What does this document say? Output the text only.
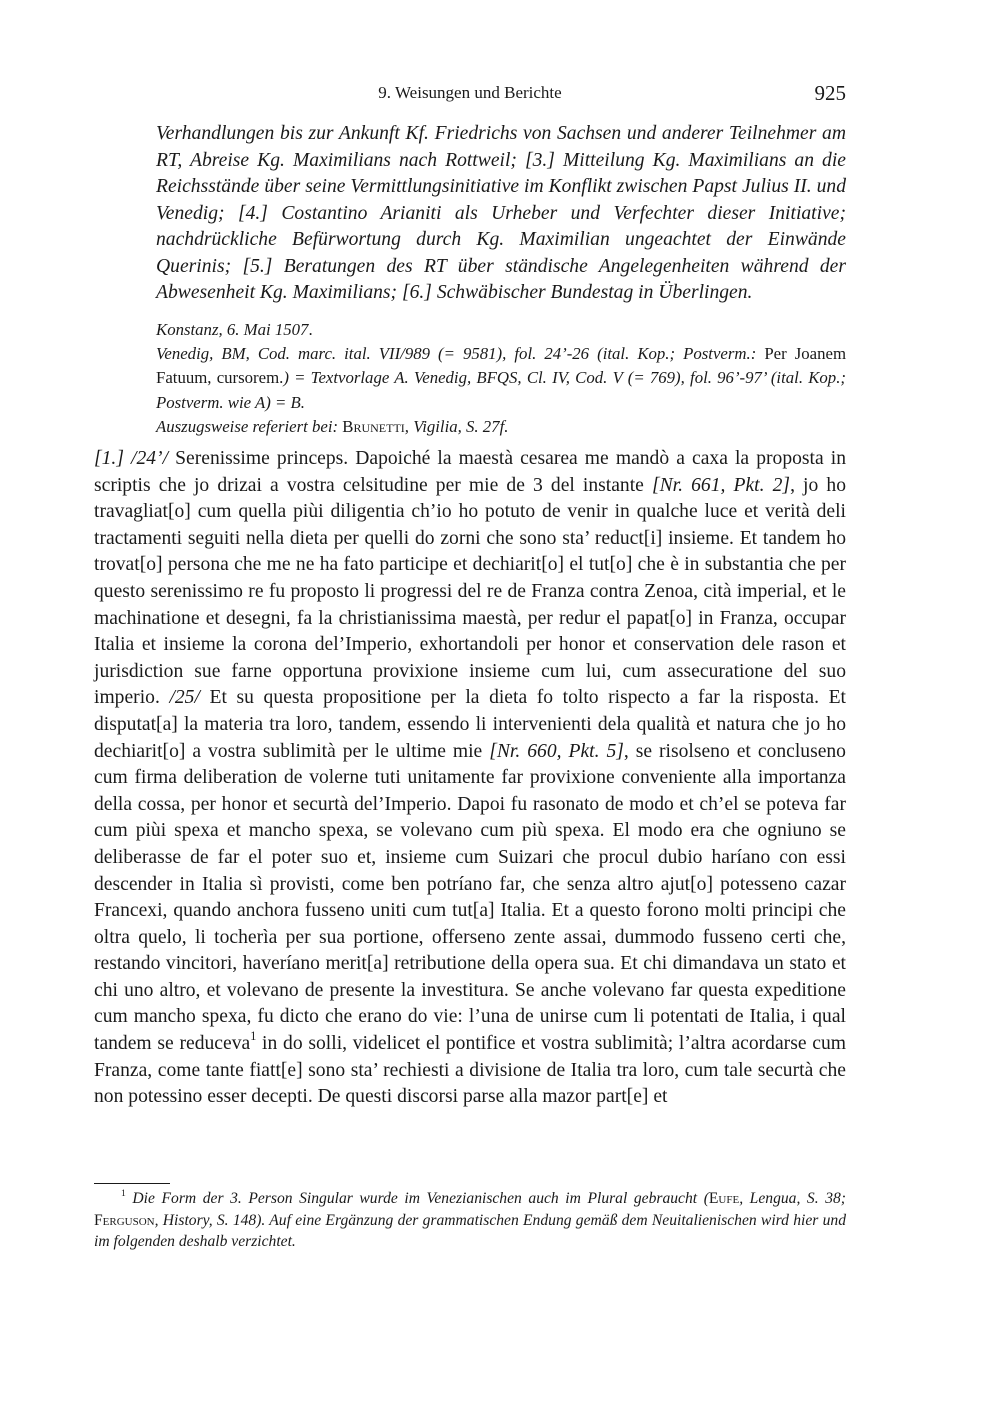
9. Weisungen und Berichte	925

Verhandlungen bis zur Ankunft Kf. Friedrichs von Sachsen und anderer Teilnehmer am RT, Abreise Kg. Maximilians nach Rottweil; [3.] Mitteilung Kg. Maximilians an die Reichsstände über seine Vermittlungsinitiative im Konflikt zwischen Papst Julius II. und Venedig; [4.] Costantino Arianiti als Urheber und Verfechter dieser Initiative; nachdrückliche Befürwortung durch Kg. Maximilian ungeachtet der Einwände Querinis; [5.] Beratungen des RT über ständische Angelegenheiten während der Abwesenheit Kg. Maximilians; [6.] Schwäbischer Bundestag in Überlingen.

Konstanz, 6. Mai 1507.

Venedig, BM, Cod. marc. ital. VII/989 (= 9581), fol. 24’-26 (ital. Kop.; Postverm.: Per Joanem Fatuum, cursorem.) = Textvorlage A. Venedig, BFQS, Cl. IV, Cod. V (= 769), fol. 96’-97’ (ital. Kop.; Postverm. wie A) = B.

Auszugsweise referiert bei: Brunetti, Vigilia, S. 27f.

[1.] /24’/ Serenissime princeps. Dapoiché la maestà cesarea me mandò a caxa la proposta in scriptis che jo drizai a vostra celsitudine per mie de 3 del instante [Nr. 661, Pkt. 2], jo ho travagliat[o] cum quella piùi diligentia ch’io ho potuto de venir in qualche luce et verità deli tractamenti seguiti nella dieta per quelli do zorni che sono sta’ reduct[i] insieme. Et tandem ho trovat[o] persona che me ne ha fato participe et dechiarit[o] el tut[o] che è in substantia che per questo serenissimo re fu proposto li progressi del re de Franza contra Zenoa, cità imperial, et le machinatione et desegni, fa la christianissima maestà, per redur el papat[o] in Franza, occupar Italia et insieme la corona del’Imperio, exhortandoli per honor et conservation dele rason et jurisdiction sue farne opportuna provixione insieme cum lui, cum assecuratione del suo imperio. /25/ Et su questa propositione per la dieta fo tolto rispecto a far la risposta. Et disputat[a] la materia tra loro, tandem, essendo li intervenienti dela qualità et natura che jo ho dechiarit[o] a vostra sublimità per le ultime mie [Nr. 660, Pkt. 5], se risolseno et concluseno cum firma deliberation de volerne tuti unitamente far provixione conveniente alla importanza della cossa, per honor et securtà del’Imperio. Dapoi fu rasonato de modo et ch’el se poteva far cum piùi spexa et mancho spexa, se volevano cum più spexa. El modo era che ogniuno se deliberasse de far el poter suo et, insieme cum Suizari che procul dubio haríano con essi descender in Italia sì provisti, come ben potríano far, che senza altro ajut[o] potesseno cazar Francexi, quando anchora fusseno uniti cum tut[a] Italia. Et a questo forono molti principi che oltra quelo, li tocherìa per sua portione, offerseno zente assai, dummodo fusseno certi che, restando vincitori, haveríano merit[a] retributione della opera sua. Et chi dimandava un stato et chi uno altro, et volevano de presente la investitura. Se anche volevano far questa expeditione cum mancho spexa, fu dicto che erano do vie: l’una de unirse cum li potentati de Italia, i qual tandem se reduceva$^1$ in do solli, videlicet el pontifice et vostra sublimità; l’altra acordarse cum Franza, come tante fiatt[e] sono sta’ rechiesti a divisione de Italia tra loro, cum tale securtà che non potessino esser decepti. De questi discorsi parse alla mazor part[e] et

$^1$ Die Form der 3. Person Singular wurde im Venezianischen auch im Plural gebraucht (Eufe, Lengua, S. 38; Ferguson, History, S. 148). Auf eine Ergänzung der grammatischen Endung gemäß dem Neuitalienischen wird hier und im folgenden deshalb verzichtet.
